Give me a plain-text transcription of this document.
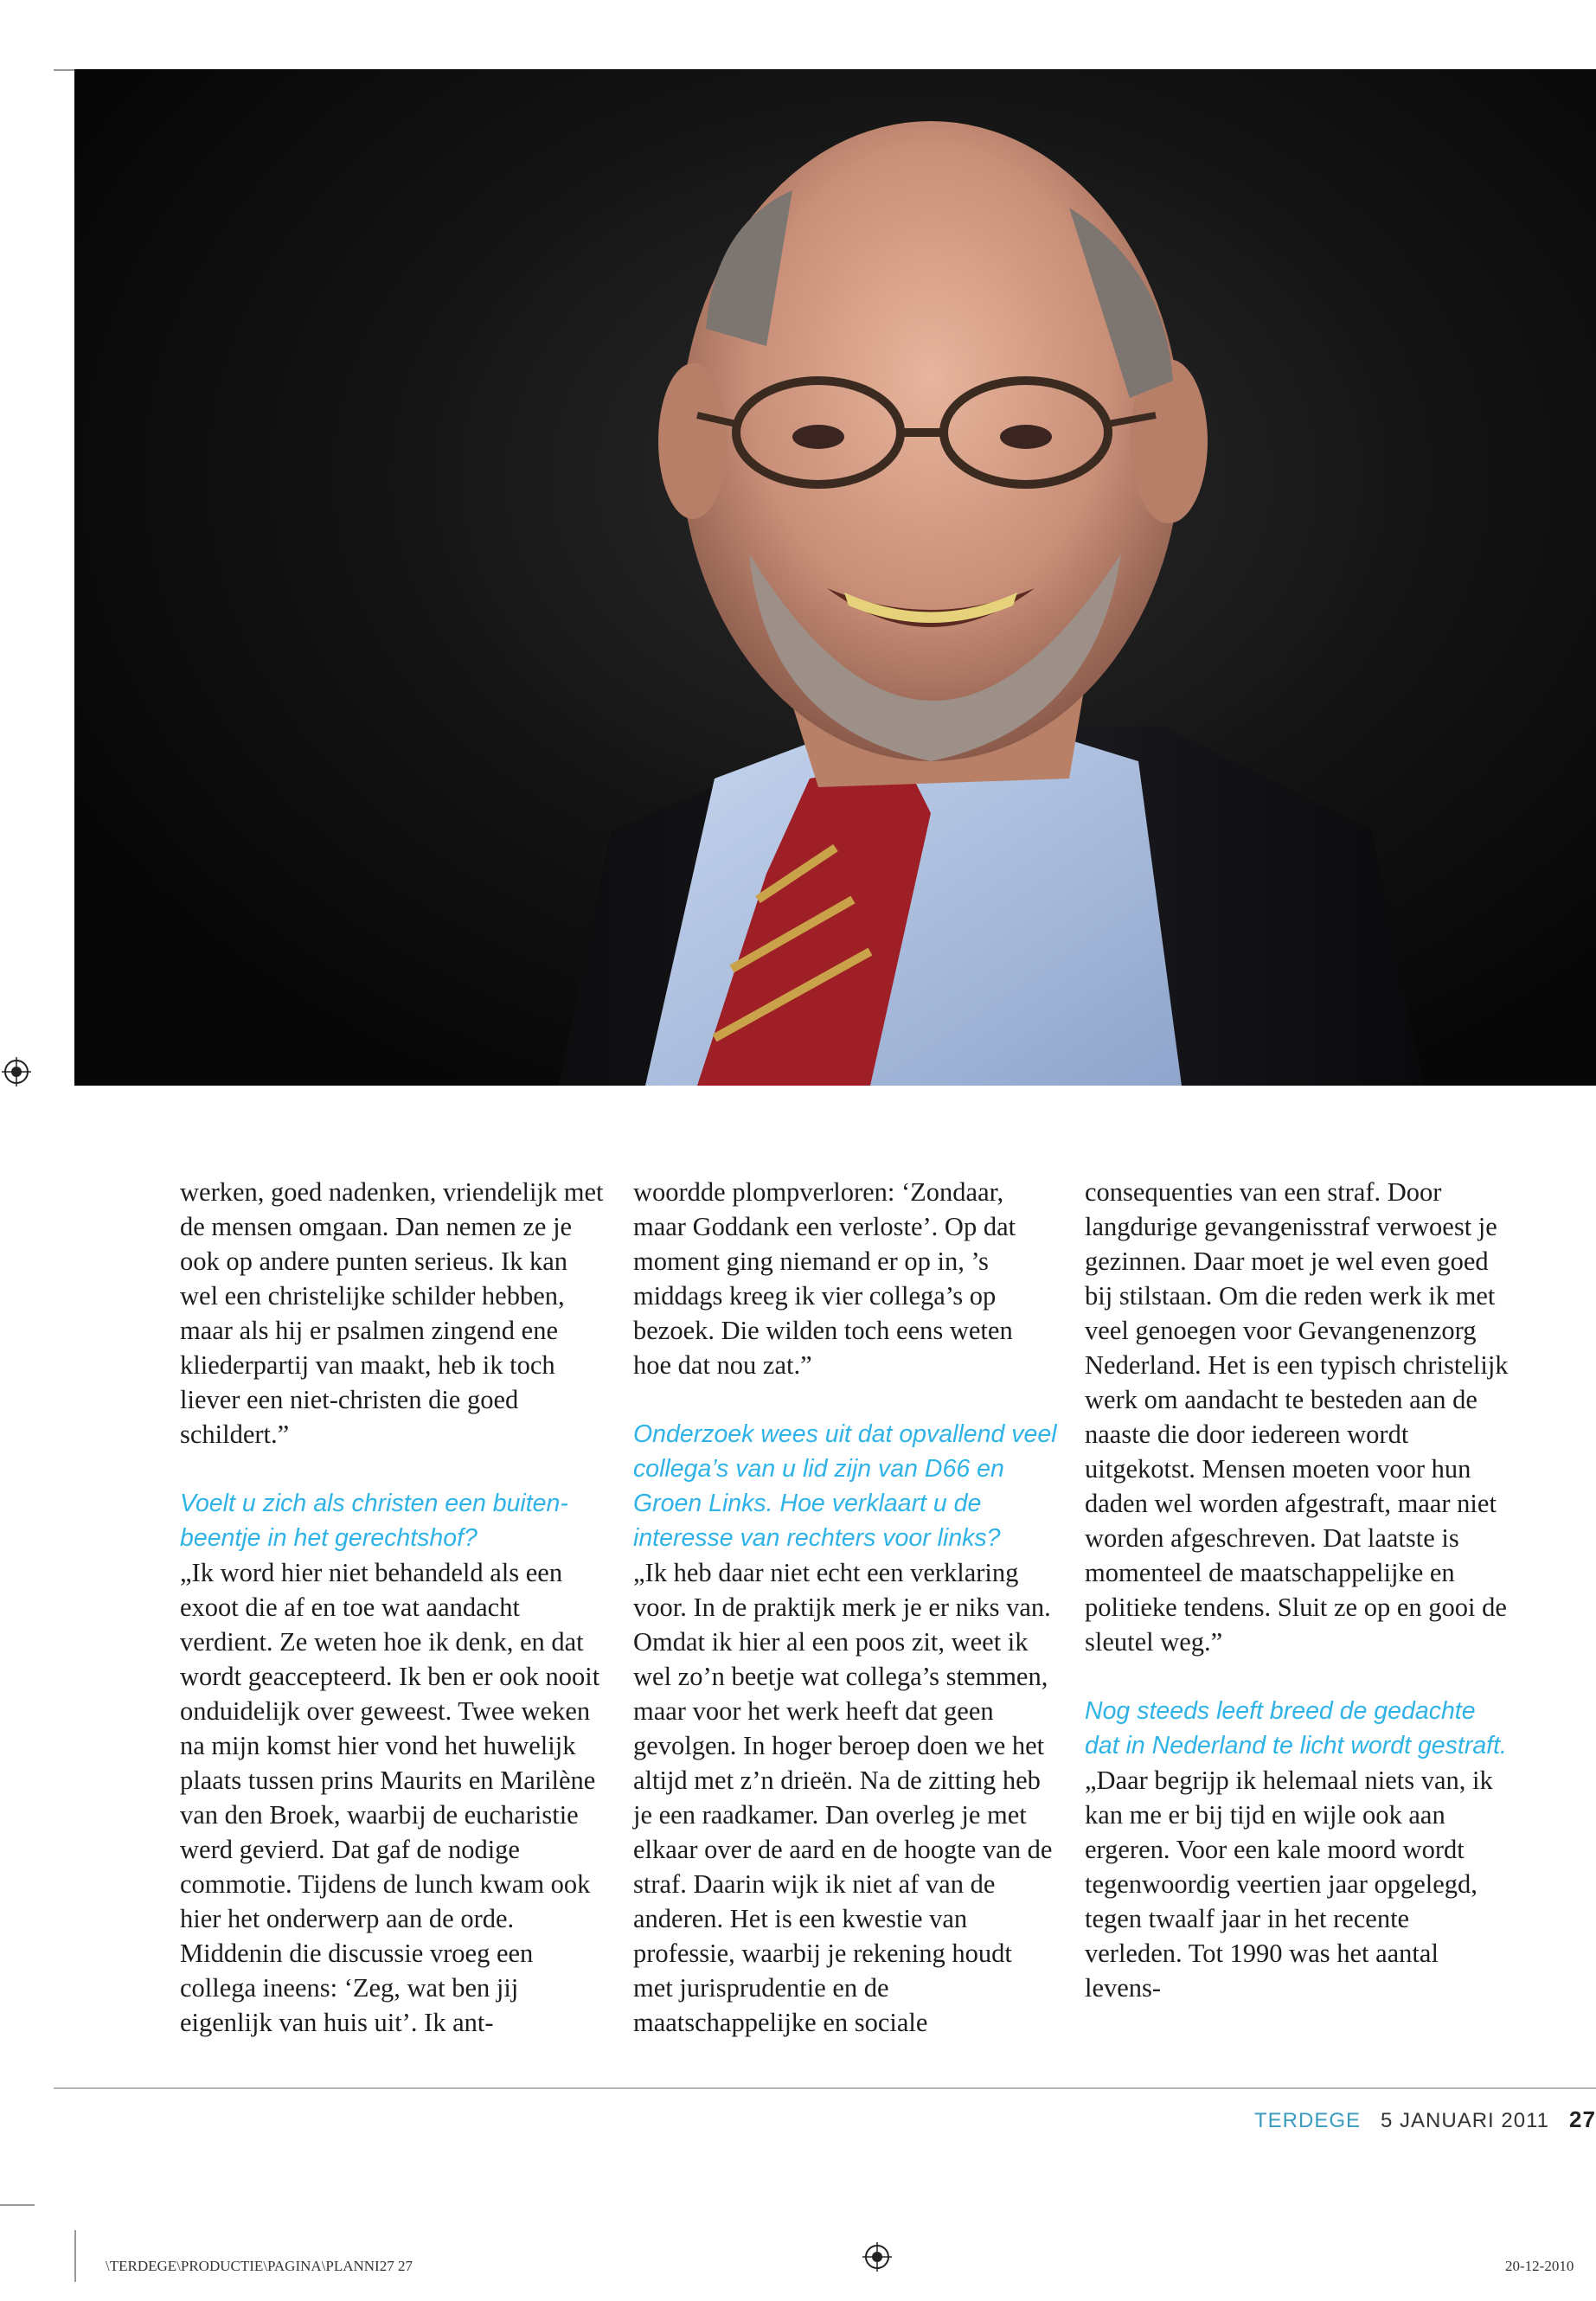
werken, goed nadenken, vriendelijk met de mensen omgaan. Dan nemen ze je ook op andere punten serieus. Ik kan wel een christelijke schilder hebben, maar als hij er psalmen zingend ene kliederpartij van maakt, heb ik toch liever een niet-christen die goed schildert.”

Voelt u zich als christen een buiten-beentje in het gerechtshof?

„Ik word hier niet behandeld als een exoot die af en toe wat aandacht verdient. Ze weten hoe ik denk, en dat wordt geaccepteerd. Ik ben er ook nooit onduidelijk over geweest. Twee weken na mijn komst hier vond het huwelijk plaats tussen prins Maurits en Marilène van den Broek, waarbij de eucharistie werd gevierd. Dat gaf de nodige commotie. Tijdens de lunch kwam ook hier het onderwerp aan de orde. Middenin die discussie vroeg een collega ineens: ‘Zeg, wat ben jij eigenlijk van huis uit’. Ik ant-

woordde plompverloren: ‘Zondaar, maar Goddank een verloste’. Op dat moment ging niemand er op in, ’s middags kreeg ik vier collega’s op bezoek. Die wilden toch eens weten hoe dat nou zat.”

Onderzoek wees uit dat opvallend veel collega’s van u lid zijn van D66 en Groen Links. Hoe verklaart u de interesse van rechters voor links?

„Ik heb daar niet echt een verklaring voor. In de praktijk merk je er niks van. Omdat ik hier al een poos zit, weet ik wel zo’n beetje wat collega’s stemmen, maar voor het werk heeft dat geen gevolgen. In hoger beroep doen we het altijd met z’n drieën. Na de zitting heb je een raadkamer. Dan overleg je met elkaar over de aard en de hoogte van de straf. Daarin wijk ik niet af van de anderen. Het is een kwestie van professie, waarbij je rekening houdt met jurisprudentie en de maatschappelijke en sociale

consequenties van een straf. Door langdurige gevangenisstraf verwoest je gezinnen. Daar moet je wel even goed bij stilstaan. Om die reden werk ik met veel genoegen voor Gevangenenzorg Nederland. Het is een typisch christelijk werk om aandacht te besteden aan de naaste die door iedereen wordt uitgekotst. Mensen moeten voor hun daden wel worden afgestraft, maar niet worden afgeschreven. Dat laatste is momenteel de maatschappelijke en politieke tendens. Sluit ze op en gooi de sleutel weg.”

Nog steeds leeft breed de gedachte dat in Nederland te licht wordt gestraft.

„Daar begrijp ik helemaal niets van, ik kan me er bij tijd en wijle ook aan ergeren. Voor een kale moord wordt tegenwoordig veertien jaar opgelegd, tegen twaalf jaar in het recente verleden. Tot 1990 was het aantal levens-

TERDEGE 5 JANUARI 2011 27
\TERDEGE\PRODUCTIE\PAGINA\PLANNI27 27	20-12-2010
